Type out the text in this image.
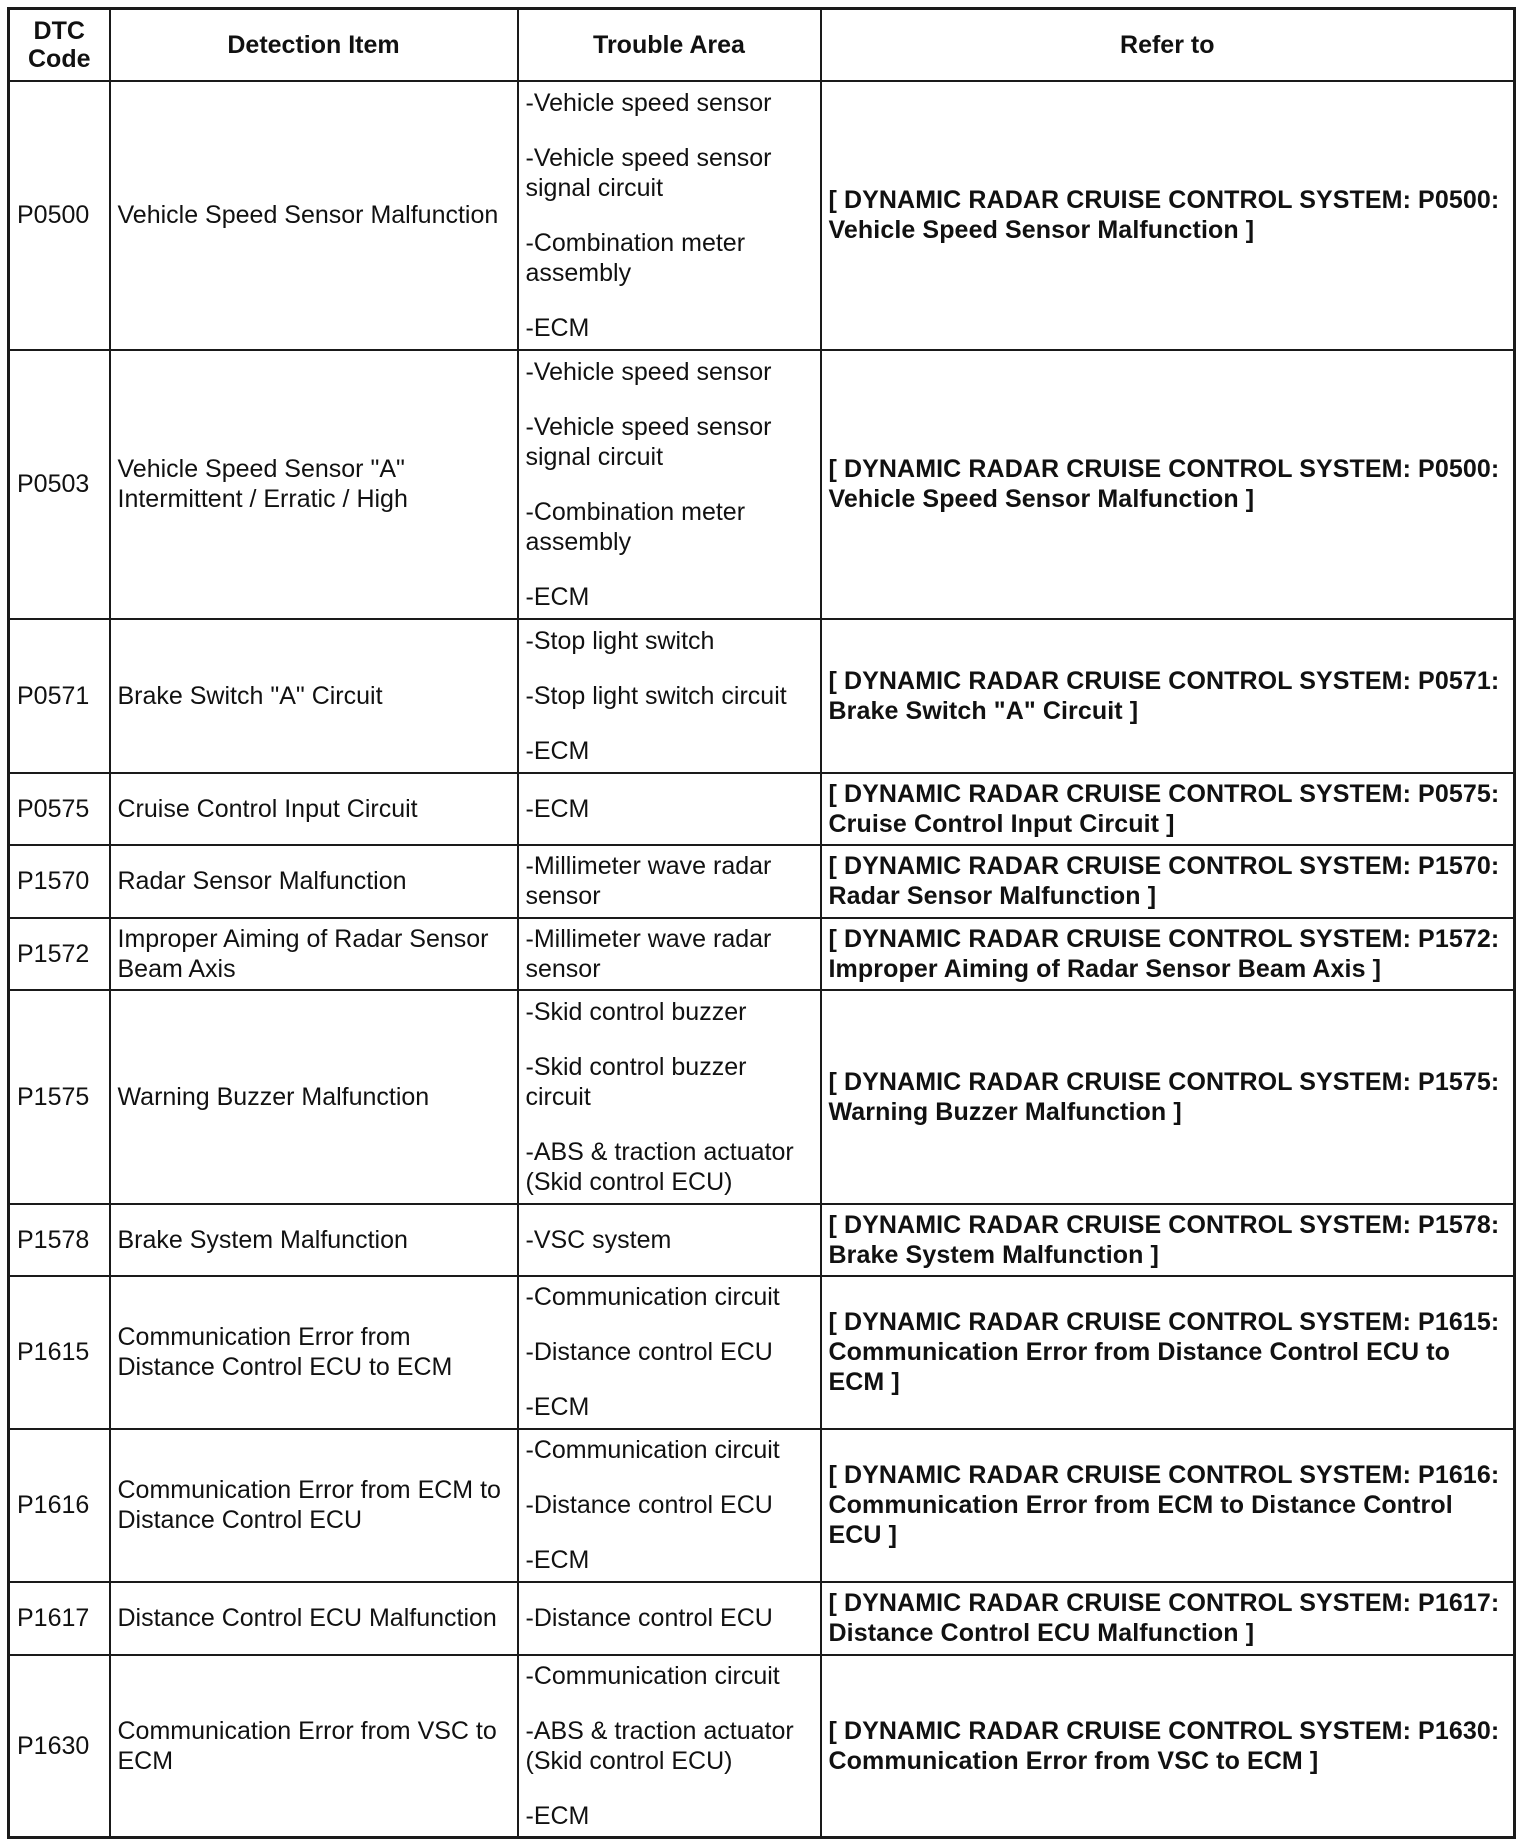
DTC Code	Detection Item	Trouble Area	Refer to
P0500	Vehicle Speed Sensor Malfunction	-Vehicle speed sensor
-Vehicle speed sensor signal circuit
-Combination meter assembly
-ECM	[ DYNAMIC RADAR CRUISE CONTROL SYSTEM: P0500: Vehicle Speed Sensor Malfunction ]
P0503	Vehicle Speed Sensor "A" Intermittent / Erratic / High	-Vehicle speed sensor
-Vehicle speed sensor signal circuit
-Combination meter assembly
-ECM	[ DYNAMIC RADAR CRUISE CONTROL SYSTEM: P0500: Vehicle Speed Sensor Malfunction ]
P0571	Brake Switch "A" Circuit	-Stop light switch
-Stop light switch circuit
-ECM	[ DYNAMIC RADAR CRUISE CONTROL SYSTEM: P0571: Brake Switch "A" Circuit ]
P0575	Cruise Control Input Circuit	-ECM	[ DYNAMIC RADAR CRUISE CONTROL SYSTEM: P0575: Cruise Control Input Circuit ]
P1570	Radar Sensor Malfunction	-Millimeter wave radar sensor	[ DYNAMIC RADAR CRUISE CONTROL SYSTEM: P1570: Radar Sensor Malfunction ]
P1572	Improper Aiming of Radar Sensor Beam Axis	-Millimeter wave radar sensor	[ DYNAMIC RADAR CRUISE CONTROL SYSTEM: P1572: Improper Aiming of Radar Sensor Beam Axis ]
P1575	Warning Buzzer Malfunction	-Skid control buzzer
-Skid control buzzer circuit
-ABS & traction actuator (Skid control ECU)	[ DYNAMIC RADAR CRUISE CONTROL SYSTEM: P1575: Warning Buzzer Malfunction ]
P1578	Brake System Malfunction	-VSC system	[ DYNAMIC RADAR CRUISE CONTROL SYSTEM: P1578: Brake System Malfunction ]
P1615	Communication Error from Distance Control ECU to ECM	-Communication circuit
-Distance control ECU
-ECM	[ DYNAMIC RADAR CRUISE CONTROL SYSTEM: P1615: Communication Error from Distance Control ECU to ECM ]
P1616	Communication Error from ECM to Distance Control ECU	-Communication circuit
-Distance control ECU
-ECM	[ DYNAMIC RADAR CRUISE CONTROL SYSTEM: P1616: Communication Error from ECM to Distance Control ECU ]
P1617	Distance Control ECU Malfunction	-Distance control ECU	[ DYNAMIC RADAR CRUISE CONTROL SYSTEM: P1617: Distance Control ECU Malfunction ]
P1630	Communication Error from VSC to ECM	-Communication circuit
-ABS & traction actuator (Skid control ECU)
-ECM	[ DYNAMIC RADAR CRUISE CONTROL SYSTEM: P1630: Communication Error from VSC to ECM ]
